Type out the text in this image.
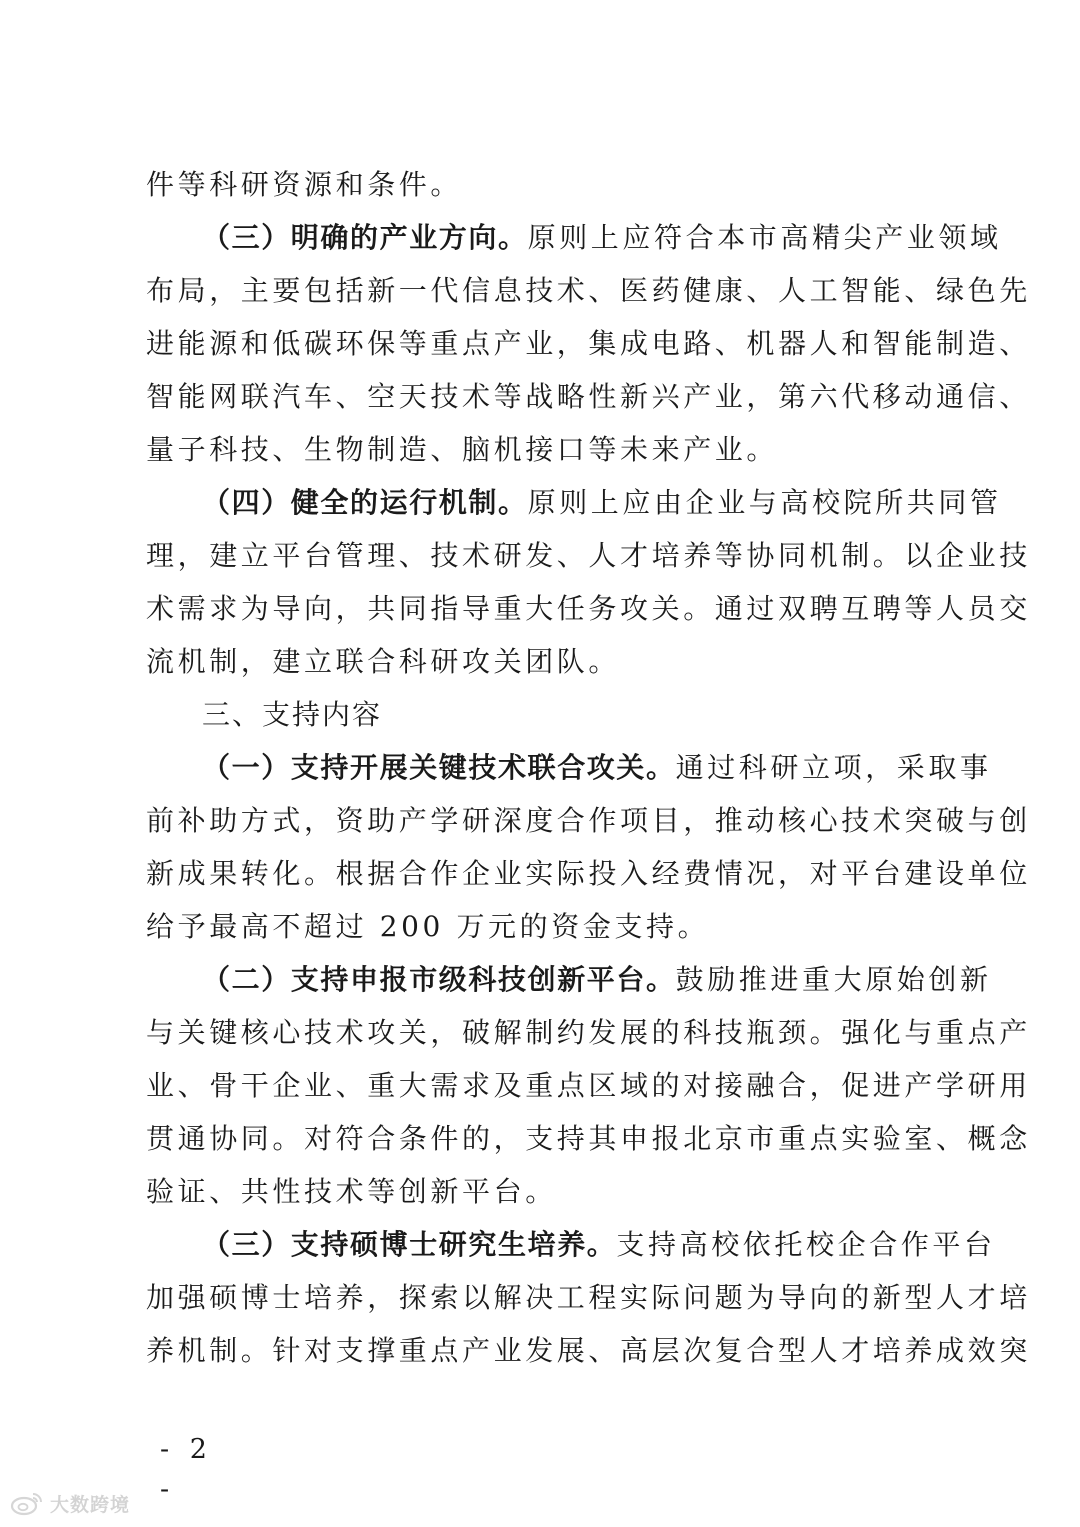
件等科研资源和条件。
（三）明确的产业方向。原则上应符合本市高精尖产业领域
布局，主要包括新一代信息技术、医药健康、人工智能、绿色先
进能源和低碳环保等重点产业，集成电路、机器人和智能制造、
智能网联汽车、空天技术等战略性新兴产业，第六代移动通信、
量子科技、生物制造、脑机接口等未来产业。
（四）健全的运行机制。原则上应由企业与高校院所共同管
理，建立平台管理、技术研发、人才培养等协同机制。以企业技
术需求为导向，共同指导重大任务攻关。通过双聘互聘等人员交
流机制，建立联合科研攻关团队。
三、支持内容
（一）支持开展关键技术联合攻关。通过科研立项，采取事
前补助方式，资助产学研深度合作项目，推动核心技术突破与创
新成果转化。根据合作企业实际投入经费情况，对平台建设单位
给予最高不超过 200 万元的资金支持。
（二）支持申报市级科技创新平台。鼓励推进重大原始创新
与关键核心技术攻关，破解制约发展的科技瓶颈。强化与重点产
业、骨干企业、重大需求及重点区域的对接融合，促进产学研用
贯通协同。对符合条件的，支持其申报北京市重点实验室、概念
验证、共性技术等创新平台。
（三）支持硕博士研究生培养。支持高校依托校企合作平台
加强硕博士培养，探索以解决工程实际问题为导向的新型人才培
养机制。针对支撑重点产业发展、高层次复合型人才培养成效突
- 2 -
大数跨境
